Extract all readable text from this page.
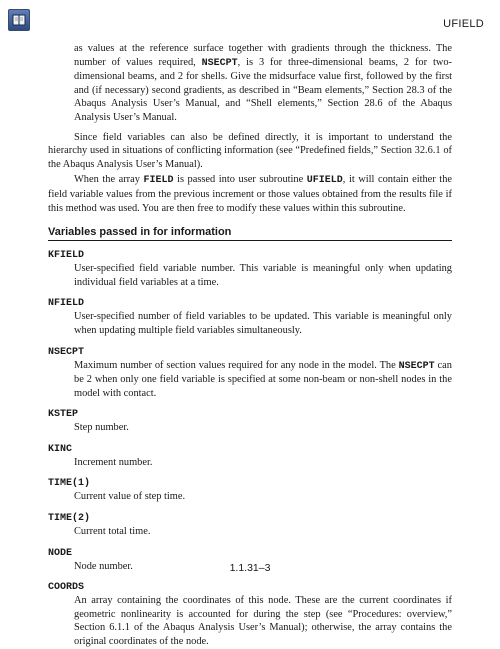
UFIELD

as values at the reference surface together with gradients through the thickness. The number of values required, NSECPT, is 3 for three-dimensional beams, 2 for two-dimensional beams, and 2 for shells. Give the midsurface value first, followed by the first and (if necessary) second gradients, as described in “Beam elements,” Section 28.3 of the Abaqus Analysis User’s Manual, and “Shell elements,” Section 28.6 of the Abaqus Analysis User’s Manual.

Since field variables can also be defined directly, it is important to understand the hierarchy used in situations of conflicting information (see “Predefined fields,” Section 32.6.1 of the Abaqus Analysis User’s Manual).

When the array FIELD is passed into user subroutine UFIELD, it will contain either the field variable values from the previous increment or those values obtained from the results file if this method was used. You are then free to modify these values within this subroutine.

Variables passed in for information
KFIELD
User-specified field variable number. This variable is meaningful only when updating individual field variables at a time.
NFIELD
User-specified number of field variables to be updated. This variable is meaningful only when updating multiple field variables simultaneously.
NSECPT
Maximum number of section values required for any node in the model. The NSECPT can be 2 when only one field variable is specified at some non-beam or non-shell nodes in the model with contact.
KSTEP
Step number.
KINC
Increment number.
TIME(1)
Current value of step time.
TIME(2)
Current total time.
NODE
Node number.
COORDS
An array containing the coordinates of this node. These are the current coordinates if geometric nonlinearity is accounted for during the step (see “Procedures: overview,” Section 6.1.1 of the Abaqus Analysis User’s Manual); otherwise, the array contains the original coordinates of the node.
1.1.31–3
